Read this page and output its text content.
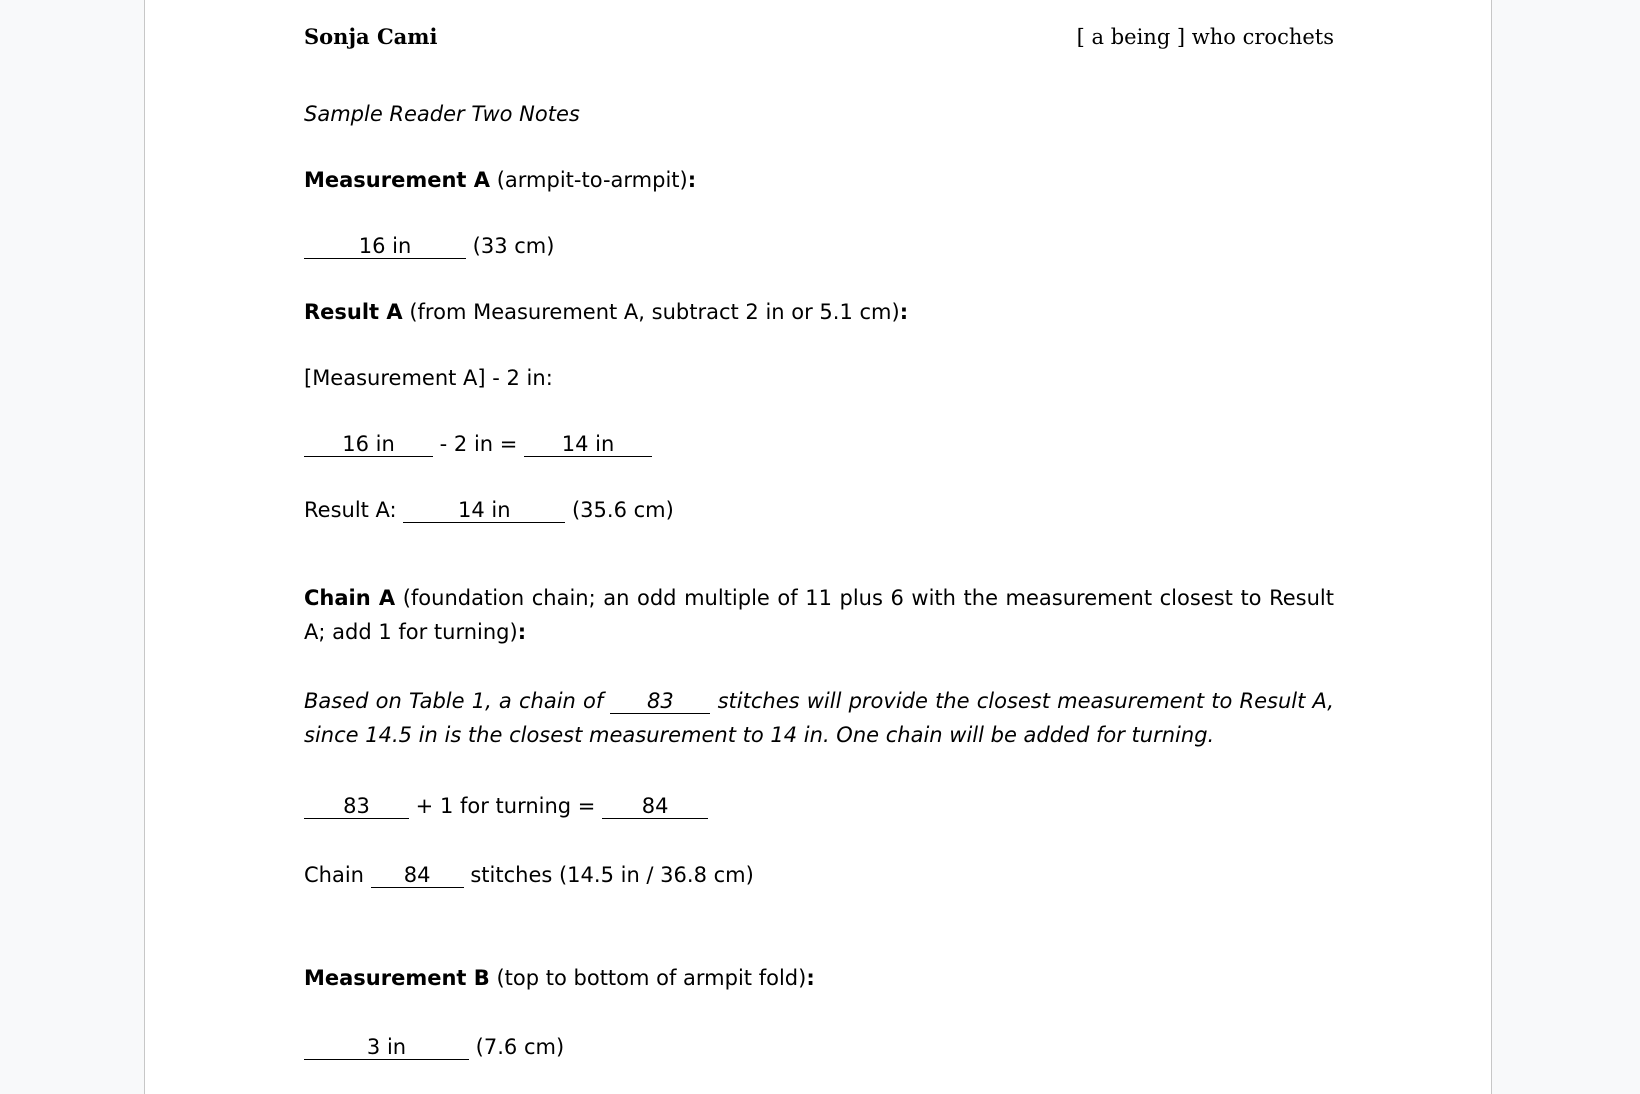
Sonja Cami	[ a being ] who crochets
Sample Reader Two Notes
Measurement A (armpit-to-armpit):
16 in	(33 cm)
Result A (from Measurement A, subtract 2 in or 5.1 cm):
[Measurement A] - 2 in:
16 in - 2 in = 14 in
Result A:	14 in	(35.6 cm)
Chain A (foundation chain; an odd multiple of 11 plus 6 with the measurement closest to Result A; add 1 for turning):
Based on Table 1, a chain of 83 stitches will provide the closest measurement to Result A, since 14.5 in is the closest measurement to 14 in. One chain will be added for turning.
83 + 1 for turning = 84
Chain 84 stitches (14.5 in / 36.8 cm)
Measurement B (top to bottom of armpit fold):
3 in	(7.6 cm)
